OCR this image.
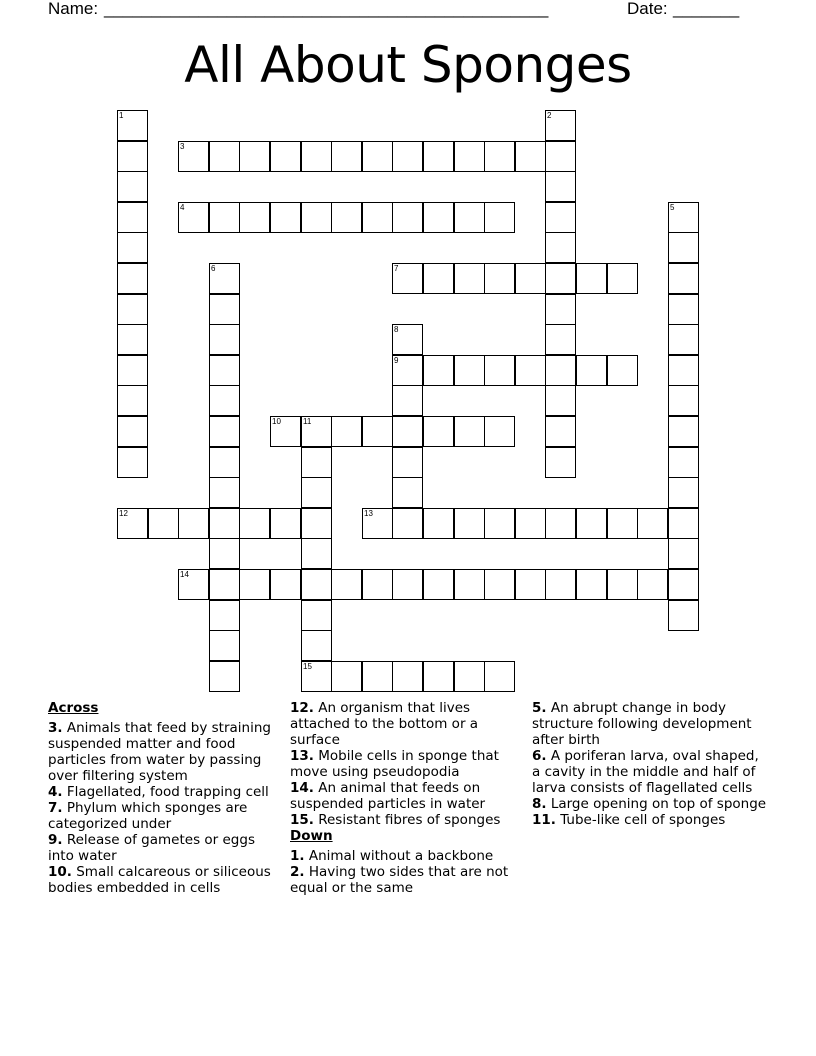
Name: _______________________________________________	Date: _______
All About Sponges
1	2
3
4	5
6	7
8
9
10	11
15
12	13
14
Across
3. Animals that feed by straining suspended matter and food particles from water by passing over filtering system
4. Flagellated, food trapping cell
7. Phylum which sponges are categorized under
9. Release of gametes or eggs into water
10. Small calcareous or siliceous bodies embedded in cells
12. An organism that lives attached to the bottom or a surface
13. Mobile cells in sponge that move using pseudopodia
14. An animal that feeds on suspended particles in water
15. Resistant fibres of sponges
Down
1. Animal without a backbone
2. Having two sides that are not equal or the same
5. An abrupt change in body structure following development after birth
6. A poriferan larva, oval shaped, a cavity in the middle and half of larva consists of flagellated cells
8. Large opening on top of sponge
11. Tube-like cell of sponges
